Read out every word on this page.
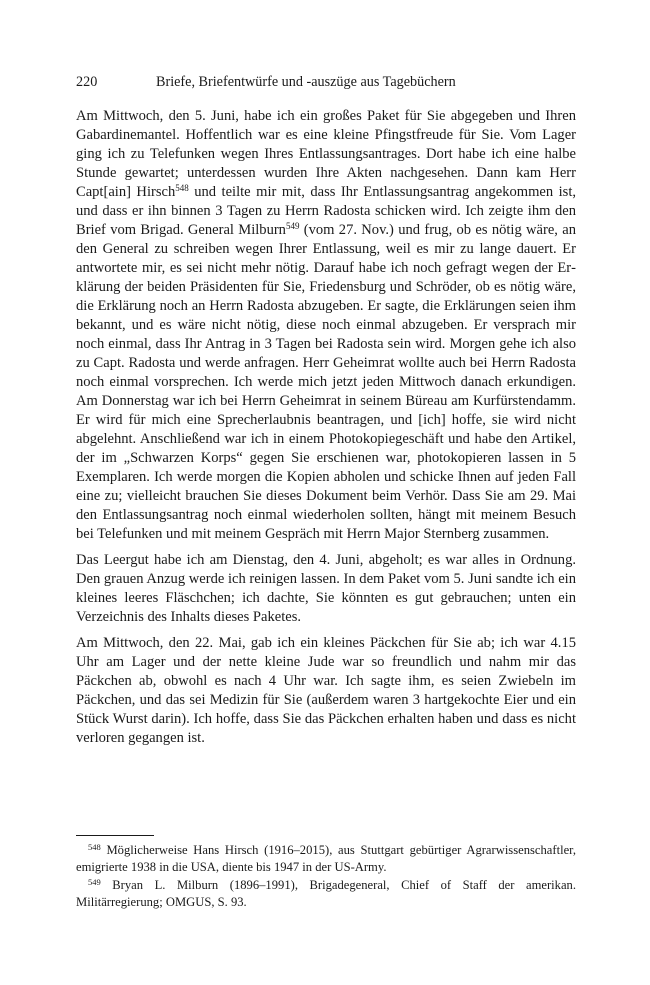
220	Briefe, Briefentwürfe und -auszüge aus Tagebüchern

Am Mittwoch, den 5. Juni, habe ich ein großes Paket für Sie abgegeben und Ihren Gabardinemantel. Hoffentlich war es eine kleine Pfingstfreude für Sie. Vom Lager ging ich zu Telefunken wegen Ihres Entlassungsantrages. Dort habe ich eine halbe Stunde gewartet; unterdessen wurden Ihre Akten nachgesehen. Dann kam Herr Capt[ain] Hirsch$^{548}$ und teilte mir mit, dass Ihr Entlassungsantrag angekommen ist, und dass er ihn binnen 3 Tagen zu Herrn Radosta schicken wird. Ich zeigte ihm den Brief vom Brigad. General Milburn$^{549}$ (vom 27. Nov.) und frug, ob es nötig wäre, an den General zu schreiben wegen Ihrer Entlassung, weil es mir zu lange dauert. Er antwortete mir, es sei nicht mehr nötig. Darauf habe ich noch gefragt wegen der Erklärung der beiden Präsidenten für Sie, Friedensburg und Schröder, ob es nötig wäre, die Erklärung noch an Herrn Radosta abzugeben. Er sagte, die Erklärungen seien ihm bekannt, und es wäre nicht nötig, diese noch einmal abzugeben. Er versprach mir noch einmal, dass Ihr Antrag in 3 Tagen bei Radosta sein wird. Morgen gehe ich also zu Capt. Radosta und werde anfragen. Herr Geheimrat wollte auch bei Herrn Radosta noch einmal vorsprechen. Ich werde mich jetzt jeden Mittwoch danach erkundigen. Am Donnerstag war ich bei Herrn Geheimrat in seinem Büreau am Kurfürstendamm. Er wird für mich eine Sprecherlaubnis beantragen, und [ich] hoffe, sie wird nicht abgelehnt. Anschließend war ich in einem Photokopiegeschäft und habe den Artikel, der im „Schwarzen Korps“ gegen Sie erschienen war, photokopieren lassen in 5 Exemplaren. Ich werde morgen die Kopien abholen und schicke Ihnen auf jeden Fall eine zu; vielleicht brauchen Sie dieses Dokument beim Verhör. Dass Sie am 29. Mai den Entlassungsantrag noch einmal wiederholen sollten, hängt mit meinem Besuch bei Telefunken und mit meinem Gespräch mit Herrn Major Sternberg zusammen.

Das Leergut habe ich am Dienstag, den 4. Juni, abgeholt; es war alles in Ordnung. Den grauen Anzug werde ich reinigen lassen. In dem Paket vom 5. Juni sandte ich ein kleines leeres Fläschchen; ich dachte, Sie könnten es gut gebrauchen; unten ein Verzeichnis des Inhalts dieses Paketes.

Am Mittwoch, den 22. Mai, gab ich ein kleines Päckchen für Sie ab; ich war 4.15 Uhr am Lager und der nette kleine Jude war so freundlich und nahm mir das Päckchen ab, obwohl es nach 4 Uhr war. Ich sagte ihm, es seien Zwiebeln im Päckchen, und das sei Medizin für Sie (außerdem waren 3 hartgekochte Eier und ein Stück Wurst darin). Ich hoffe, dass Sie das Päckchen erhalten haben und dass es nicht verloren gegangen ist.

$^{548}$ Möglicherweise Hans Hirsch (1916–2015), aus Stuttgart gebürtiger Agrarwissenschaftler, emigrierte 1938 in die USA, diente bis 1947 in der US-Army.

$^{549}$ Bryan L. Milburn (1896–1991), Brigadegeneral, Chief of Staff der amerikan. Militärregierung; OMGUS, S. 93.
